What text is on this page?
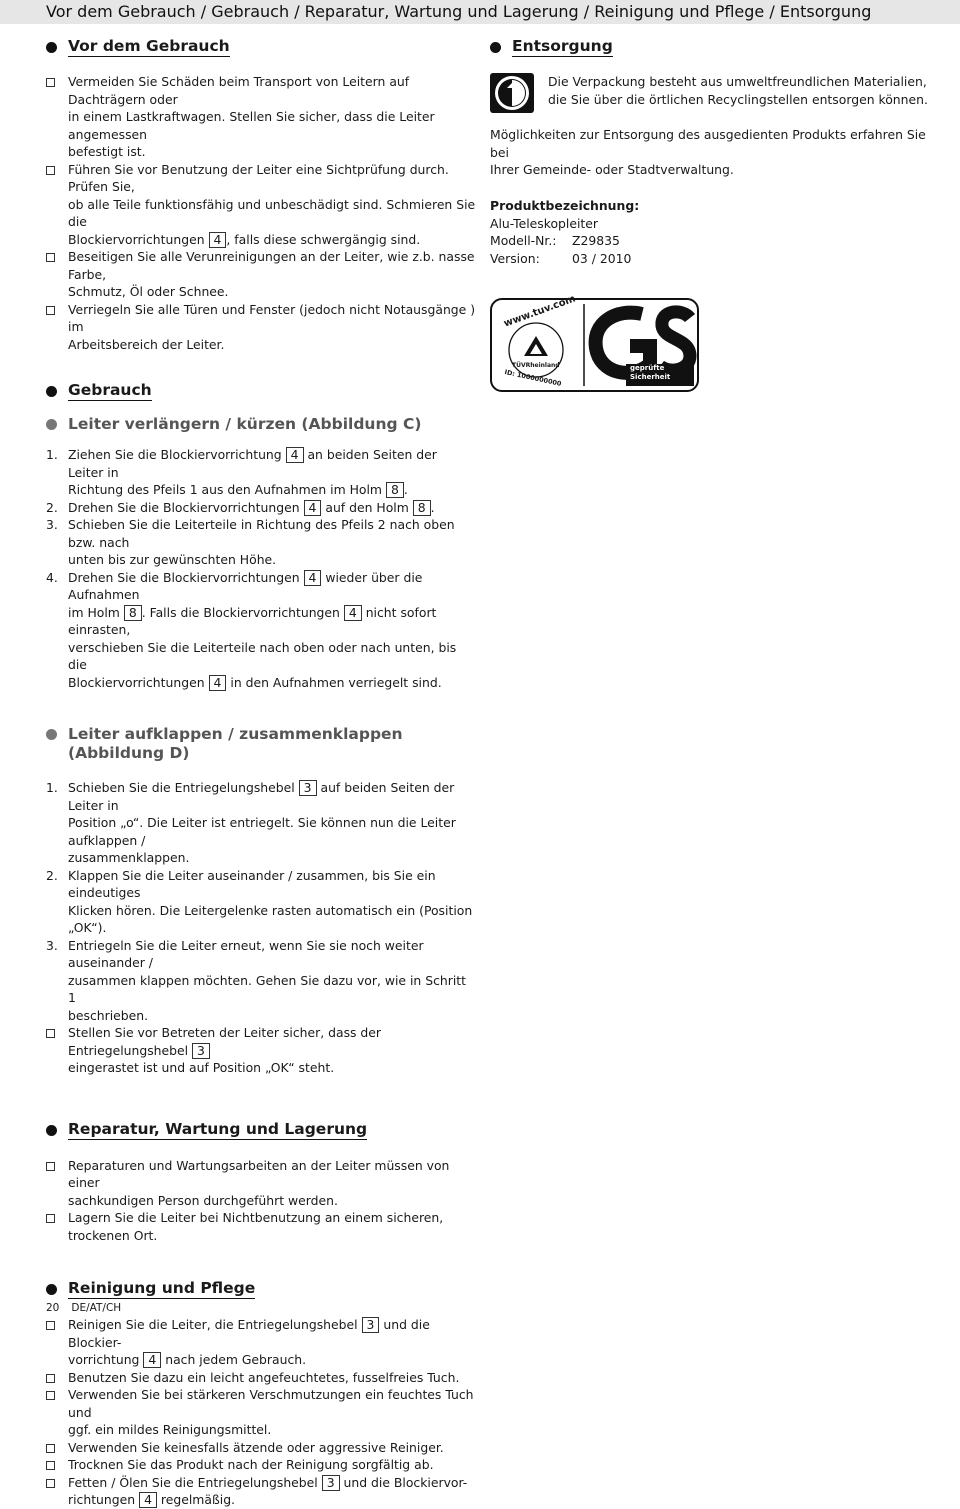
Vor dem Gebrauch / Gebrauch / Reparatur, Wartung und Lagerung / Reinigung und Pflege / Entsorgung
Vor dem Gebrauch

Vermeiden Sie Schäden beim Transport von Leitern auf Dachträgern oder

in einem Lastkraftwagen. Stellen Sie sicher, dass die Leiter angemessen

befestigt ist.

Führen Sie vor Benutzung der Leiter eine Sichtprüfung durch. Prüfen Sie,

ob alle Teile funktionsfähig und unbeschädigt sind. Schmieren Sie die

Blockiervorrichtungen 4 , falls diese schwergängig sind.

Beseitigen Sie alle Verunreinigungen an der Leiter, wie z.b. nasse Farbe,

Schmutz, Öl oder Schnee.

Verriegeln Sie alle Türen und Fenster (jedoch nicht Notausgänge ) im

Arbeitsbereich der Leiter.

Gebrauch
Leiter verlängern / kürzen (Abbildung C)
1. Ziehen Sie die Blockiervorrichtung 4 an beiden Seiten der Leiter in

Richtung des Pfeils 1 aus den Aufnahmen im Holm 8 .

2. Drehen Sie die Blockiervorrichtungen 4 auf den Holm 8 .

3. Schieben Sie die Leiterteile in Richtung des Pfeils 2 nach oben bzw. nach

unten bis zur gewünschten Höhe.

4. Drehen Sie die Blockiervorrichtungen 4 wieder über die Aufnahmen

im Holm 8 . Falls die Blockiervorrichtungen 4 nicht sofort einrasten,

verschieben Sie die Leiterteile nach oben oder nach unten, bis die

Blockiervorrichtungen 4 in den Aufnahmen verriegelt sind.

Leiter aufklappen / zusammenklappen
(Abbildung D)
1. Schieben Sie die Entriegelungshebel 3 auf beiden Seiten der Leiter in

Position „o“. Die Leiter ist entriegelt. Sie können nun die Leiter aufklappen /

zusammenklappen.

2. Klappen Sie die Leiter auseinander / zusammen, bis Sie ein eindeutiges

Klicken hören. Die Leitergelenke rasten automatisch ein (Position „OK“).

3. Entriegeln Sie die Leiter erneut, wenn Sie sie noch weiter auseinander /

zusammen klappen möchten. Gehen Sie dazu vor, wie in Schritt 1

beschrieben.

Stellen Sie vor Betreten der Leiter sicher, dass der Entriegelungshebel 3

eingerastet ist und auf Position „OK“ steht.

Reparatur, Wartung und Lagerung

Reparaturen und Wartungsarbeiten an der Leiter müssen von einer

sachkundigen Person durchgeführt werden.

Lagern Sie die Leiter bei Nichtbenutzung an einem sicheren, trockenen Ort.

Reinigung und Pflege

Reinigen Sie die Leiter, die Entriegelungshebel 3 und die Blockier-

vorrichtung 4 nach jedem Gebrauch.

Benutzen Sie dazu ein leicht angefeuchtetes, fusselfreies Tuch.

Verwenden Sie bei stärkeren Verschmutzungen ein feuchtes Tuch und

ggf. ein mildes Reinigungsmittel.

Verwenden Sie keinesfalls ätzende oder aggressive Reiniger.

Trocknen Sie das Produkt nach der Reinigung sorgfältig ab.

Fetten / Ölen Sie die Entriegelungshebel 3 und die Blockiervor-

richtungen 4 regelmäßig.

Entsorgung

Die Verpackung besteht aus umweltfreundlichen Materialien,

die Sie über die örtlichen Recyclingstellen entsorgen können.

Möglichkeiten zur Entsorgung des ausgedienten Produkts erfahren Sie bei

Ihrer Gemeinde- oder Stadtverwaltung.

Produktbezeichnung:

Alu-Teleskopleiter

Modell-Nr.: Z29835

Version:	03 / 2010

www.tuv.com
TÜVRheinland
ID: 1000000000
geprüfte
Sicherheit
20 DE/AT/CH
